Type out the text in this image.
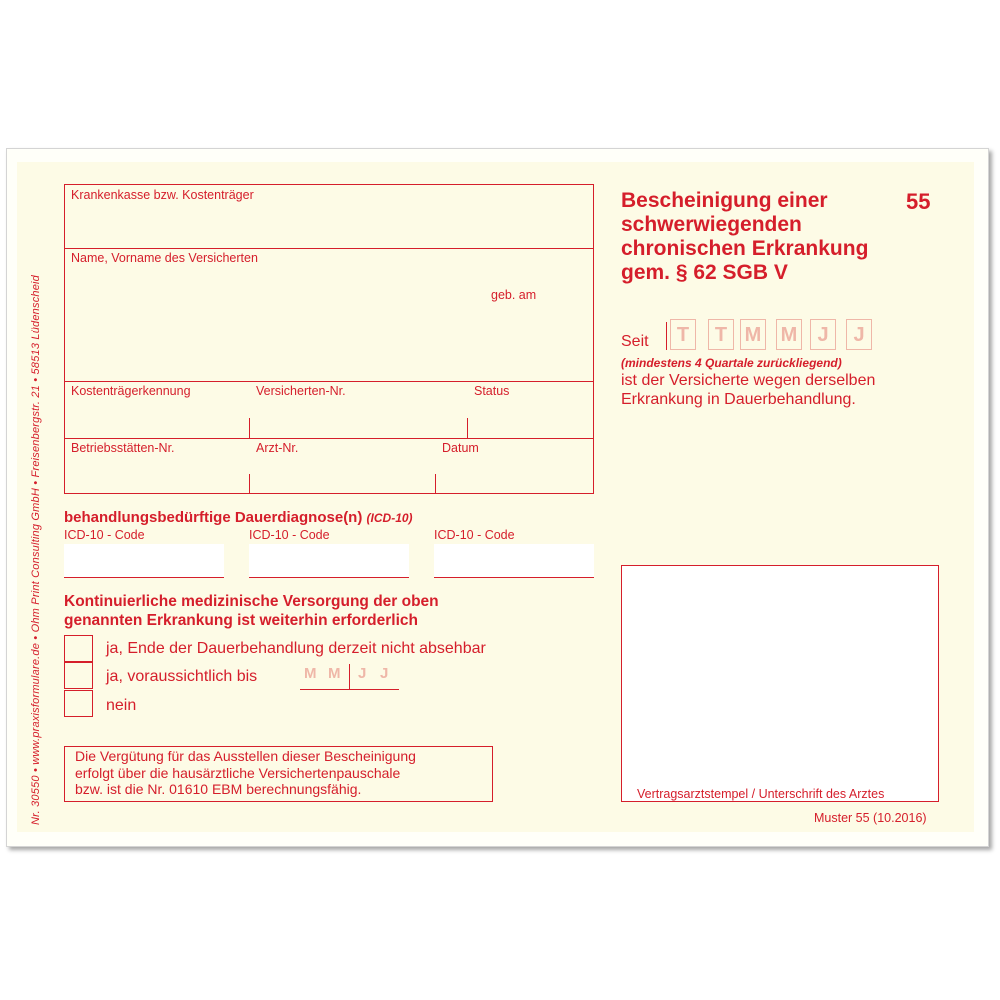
Nr. 30550 • www.praxisformulare.de • Ohm Print Consulting GmbH • Freisenbergstr. 21 • 58513 Lüdenscheid
Krankenkasse bzw. Kostenträger
Name, Vorname des Versicherten
geb. am
Kostenträgerkennung	Versicherten-Nr.	Status
Betriebsstätten-Nr.	Arzt-Nr.	Datum
Bescheinigung einer
schwerwiegenden
chronischen Erkrankung
gem. § 62 SGB V
55
Seit	T	T M M	J	J
(mindestens 4 Quartale zurückliegend)
ist der Versicherte wegen derselben
Erkrankung in Dauerbehandlung.
behandlungsbedürftige Dauerdiagnose(n) (ICD-10)
ICD-10 - Code	ICD-10 - Code	ICD-10 - Code
Kontinuierliche medizinische Versorgung der oben
genannten Erkrankung ist weiterhin erforderlich
ja, Ende der Dauerbehandlung derzeit nicht absehbar
ja, voraussichtlich bis
nein
M M J J
Die Vergütung für das Ausstellen dieser Bescheinigung
erfolgt über die hausärztliche Versichertenpauschale
bzw. ist die Nr. 01610 EBM berechnungsfähig.	Vertragsarztstempel / Unterschrift des Arztes
Muster 55 (10.2016)
